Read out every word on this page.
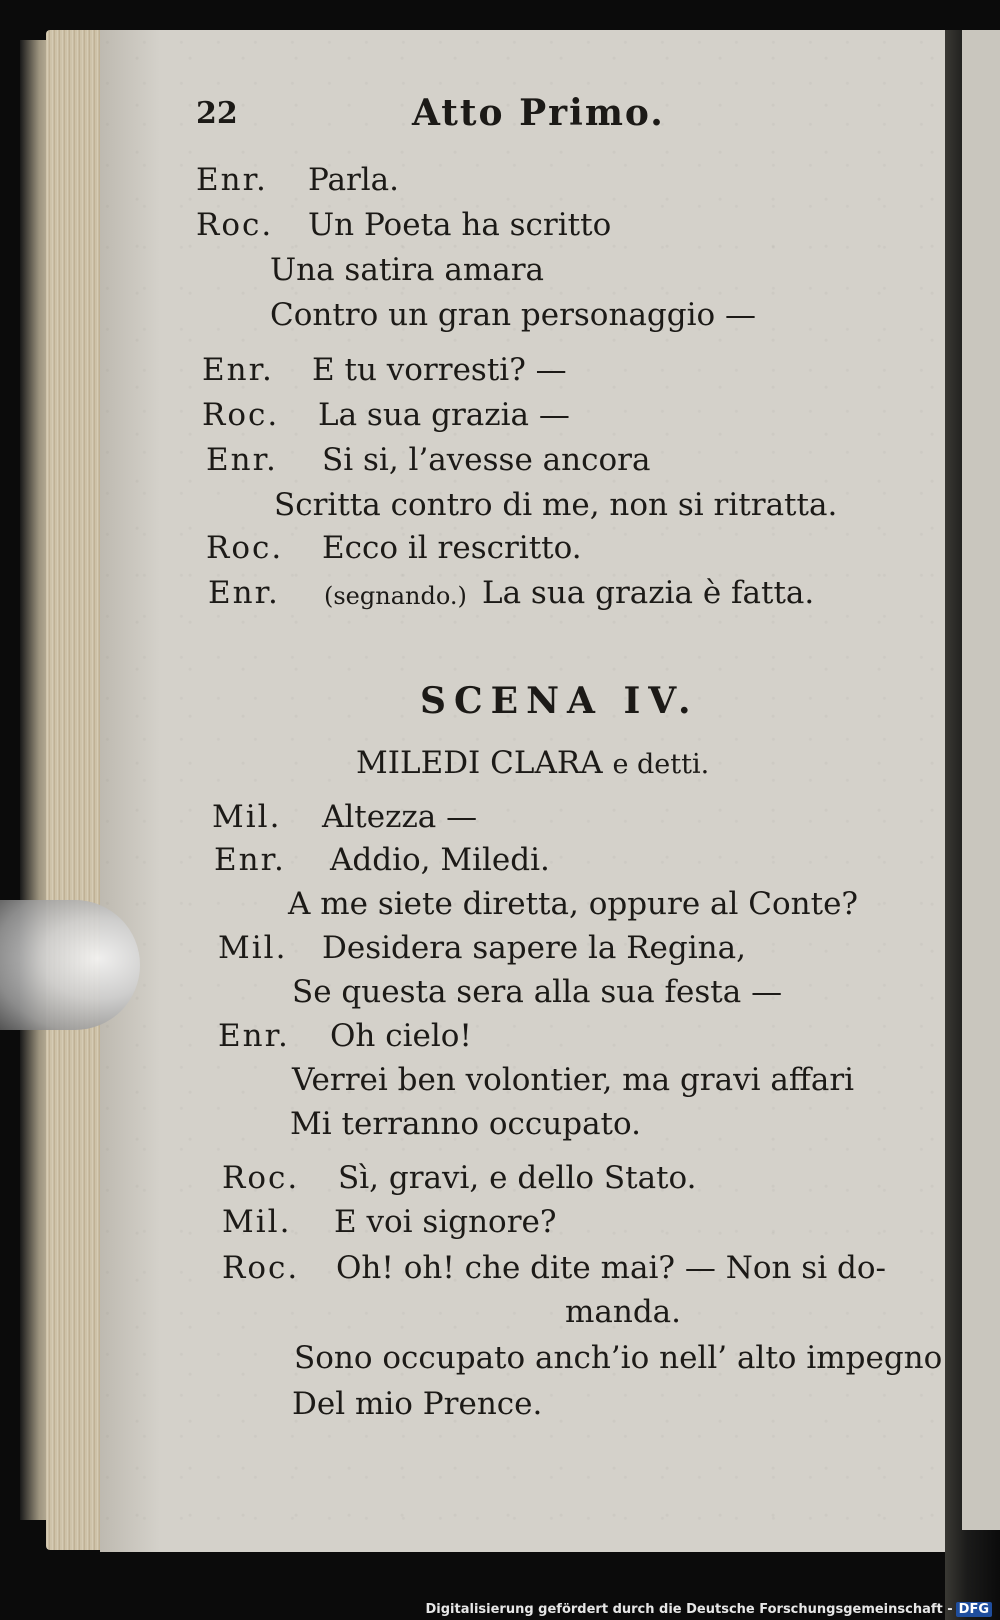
22	Atto Primo.
Enr. Parla.
Roc. Un Poeta ha scritto
Una satira amara
Contro un gran personaggio —
Enr. E tu vorresti? —
Roc. La sua grazia —
Enr. Si si, l’avesse ancora
Scritta contro di me, non si ritratta.
Roc. Ecco il rescritto.
Enr. (segnando.) La sua grazia è fatta.
SCENA IV.
MILEDI CLARA e detti.
Mil. Altezza —
Enr. Addio, Miledi.
A me siete diretta, oppure al Conte?
Mil. Desidera sapere la Regina,
Se questa sera alla sua festa —
Enr. Oh cielo!
Verrei ben volontier, ma gravi affari
Mi terranno occupato.
Roc. Sì, gravi, e dello Stato.
Mil. E voi signore?
Roc. Oh! oh! che dite mai? — Non si do-
manda.
Sono occupato anch’io nell’ alto impegno
Del mio Prence.
Digitalisierung gefördert durch die Deutsche Forschungsgemeinschaft - DFG
